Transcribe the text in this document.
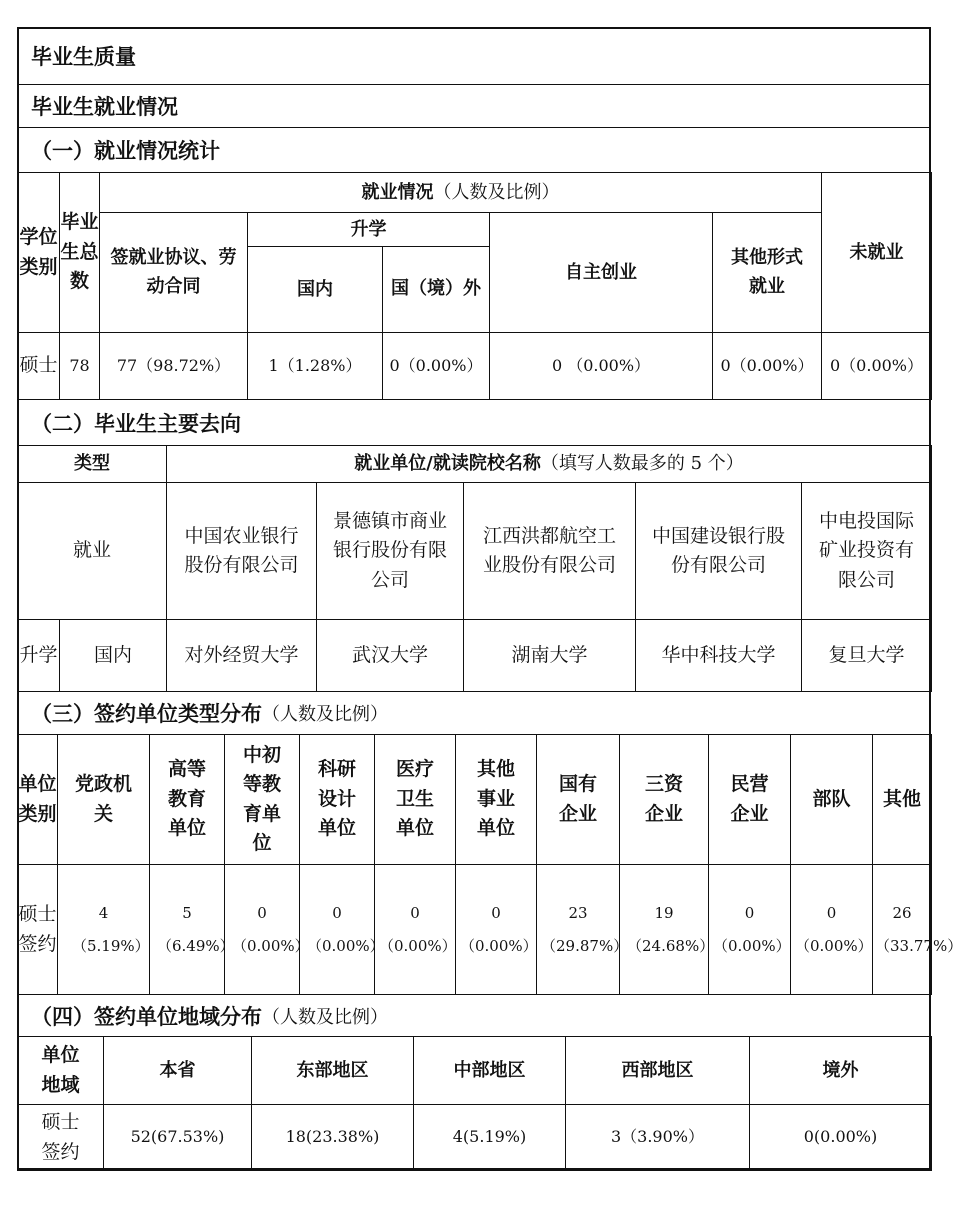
毕业生质量
毕业生就业情况
（一）就业情况统计
学位类别	毕业生总数	就业情况（人数及比例）					未就业
		签就业协议、劳动合同	升学		自主创业	其他形式就业	
			国内	国（境）外			
硕士	78	77（98.72%）	1（1.28%）	0（0.00%）	0 （0.00%）	0（0.00%）	0（0.00%）
（二）毕业生主要去向
类型		就业单位/就读院校名称（填写人数最多的 5 个）				
就业		中国农业银行股份有限公司	景德镇市商业银行股份有限公司	江西洪都航空工业股份有限公司	中国建设银行股份有限公司	中电投国际矿业投资有限公司
升学	国内	对外经贸大学	武汉大学	湖南大学	华中科技大学	复旦大学
（三）签约单位类型分布 （人数及比例）
单位类别	党政机关	高等教育单位	中初等教育单位	科研设计单位	医疗卫生单位	其他事业单位	国有企业	三资企业	民营企业	部队	其他
硕士签约	4（5.19%）	5（6.49%）	0（0.00%）	0（0.00%）	0（0.00%）	0（0.00%）	23（29.87%）	19（24.68%）	0（0.00%）	0（0.00%）	26（33.77%）
（四）签约单位地域分布 （人数及比例）
单位地域	本省	东部地区	中部地区	西部地区	境外
硕士签约	52(67.53%)	18(23.38%)	4(5.19%)	3（3.90%）	0(0.00%)
